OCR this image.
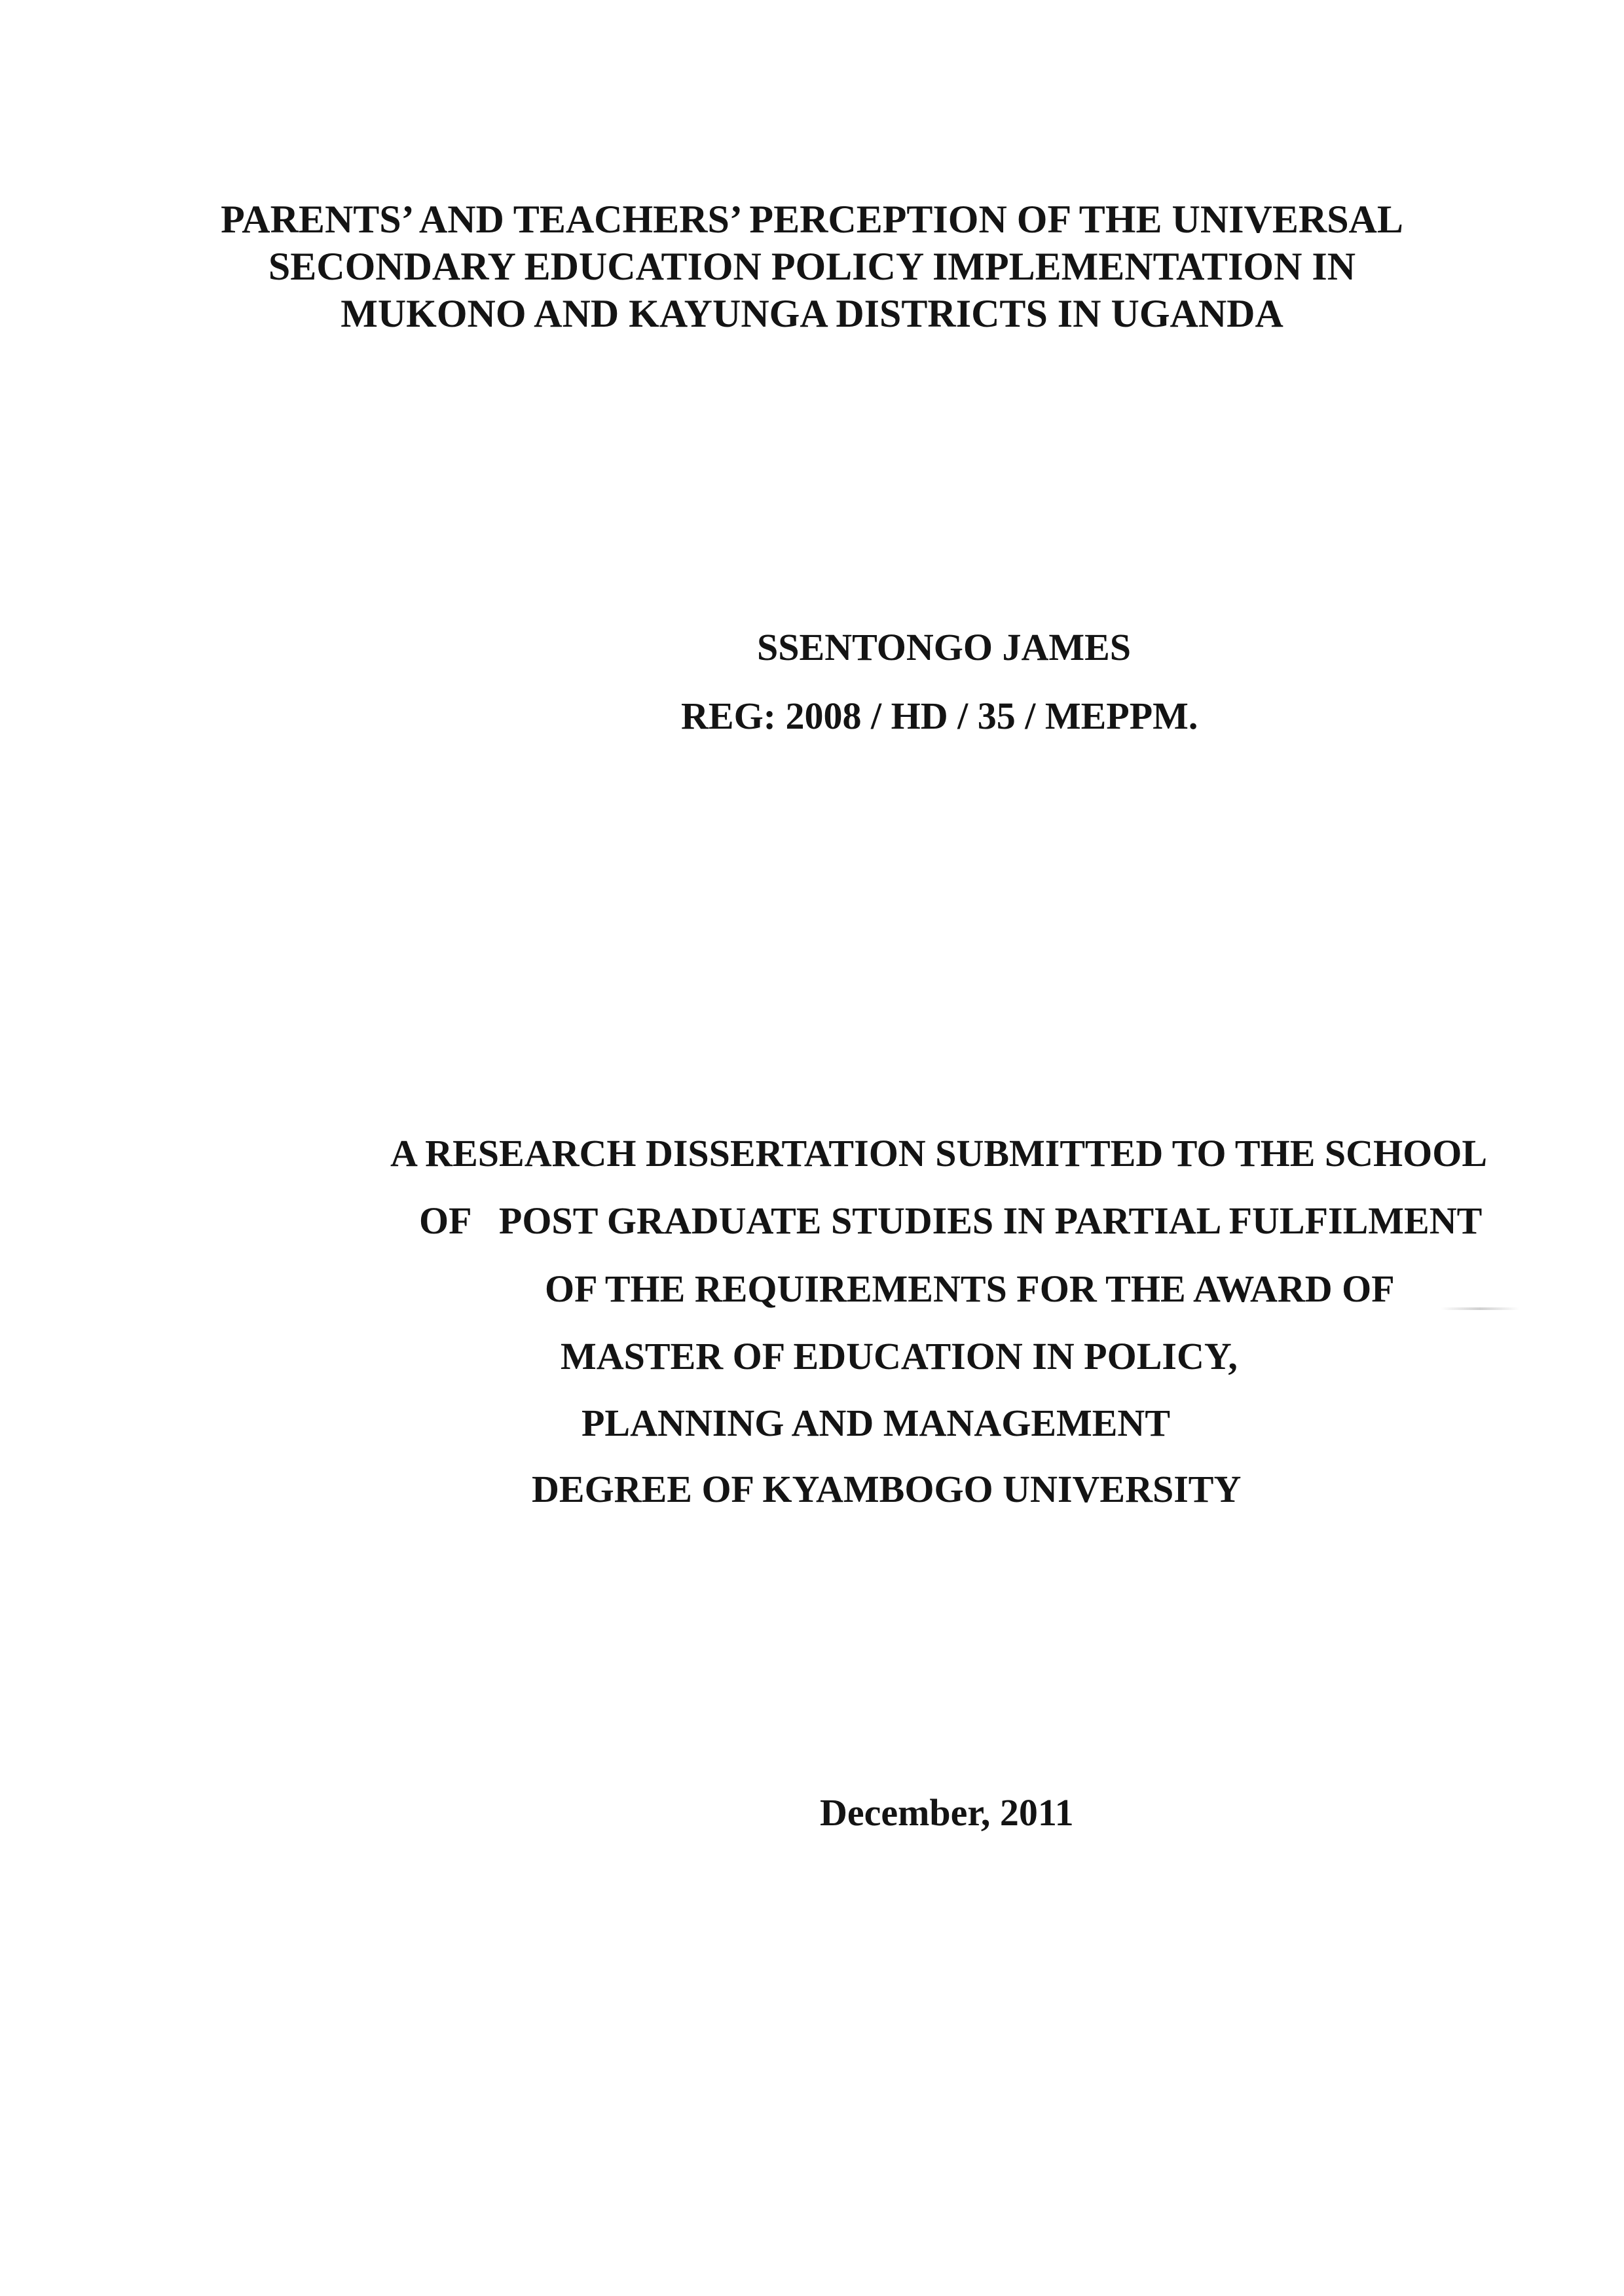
PARENTS’ AND TEACHERS’ PERCEPTION OF THE UNIVERSAL
SECONDARY EDUCATION POLICY IMPLEMENTATION IN
MUKONO AND KAYUNGA DISTRICTS IN UGANDA
SSENTONGO JAMES
REG: 2008 / HD / 35 / MEPPM.
A RESEARCH DISSERTATION SUBMITTED TO THE SCHOOL
OF   POST GRADUATE STUDIES IN PARTIAL FULFILMENT
OF THE REQUIREMENTS FOR THE AWARD OF
MASTER OF EDUCATION IN POLICY,
PLANNING AND MANAGEMENT
DEGREE OF KYAMBOGO UNIVERSITY
December, 2011
